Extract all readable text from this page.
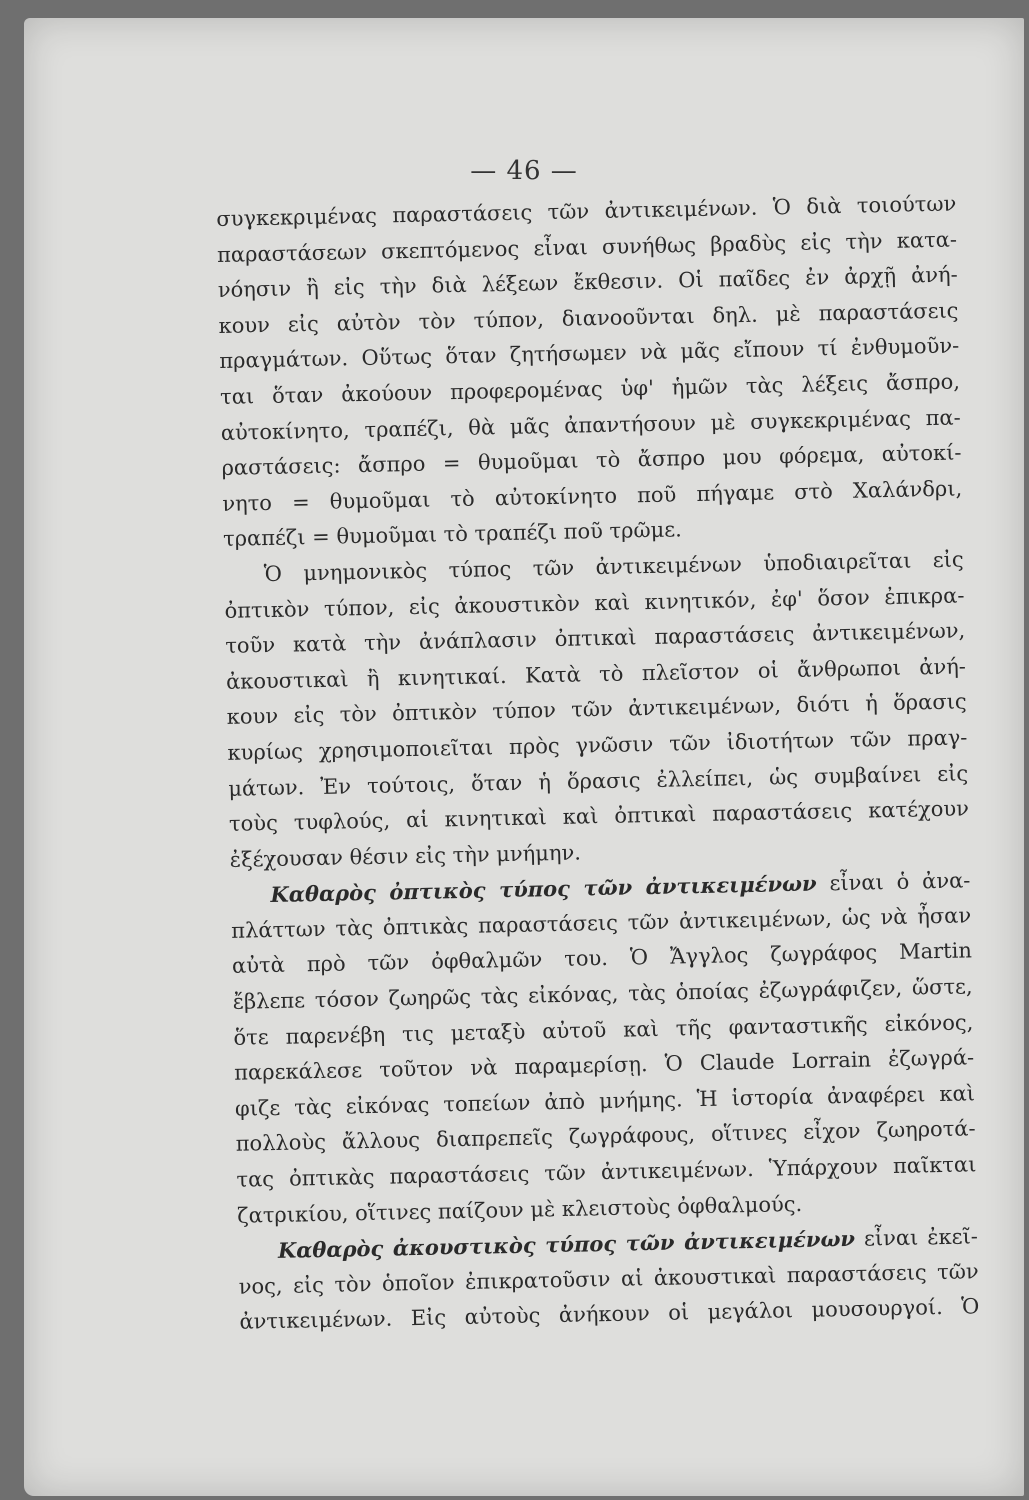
— 46 —
συγκεκριμένας παραστάσεις τῶν ἀντικειμένων. Ὁ διὰ τοιούτων
παραστάσεων σκεπτόμενος εἶναι συνήθως βραδὺς εἰς τὴν κατα-
νόησιν ἢ εἰς τὴν διὰ λέξεων ἔκθεσιν. Οἱ παῖδες ἐν ἀρχῇ ἀνή-
κουν εἰς αὐτὸν τὸν τύπον, διανοοῦνται δηλ. μὲ παραστάσεις
πραγμάτων. Οὕτως ὅταν ζητήσωμεν νὰ μᾶς εἴπουν τί ἐνθυμοῦν-
ται ὅταν ἀκούουν προφερομένας ὑφ' ἡμῶν τὰς λέξεις ἄσπρο,
αὐτοκίνητο, τραπέζι, θὰ μᾶς ἀπαντήσουν μὲ συγκεκριμένας πα-
ραστάσεις: ἄσπρο = θυμοῦμαι τὸ ἄσπρο μου φόρεμα, αὐτοκί-
νητο = θυμοῦμαι τὸ αὐτοκίνητο ποῦ πήγαμε στὸ Χαλάνδρι,
τραπέζι = θυμοῦμαι τὸ τραπέζι ποῦ τρῶμε.
Ὁ μνημονικὸς τύπος τῶν ἀντικειμένων ὑποδιαιρεῖται εἰς
ὀπτικὸν τύπον, εἰς ἀκουστικὸν καὶ κινητικόν, ἐφ' ὅσον ἐπικρα-
τοῦν κατὰ τὴν ἀνάπλασιν ὀπτικαὶ παραστάσεις ἀντικειμένων,
ἀκουστικαὶ ἢ κινητικαί. Κατὰ τὸ πλεῖστον οἱ ἄνθρωποι ἀνή-
κουν εἰς τὸν ὀπτικὸν τύπον τῶν ἀντικειμένων, διότι ἡ ὅρασις
κυρίως χρησιμοποιεῖται πρὸς γνῶσιν τῶν ἰδιοτήτων τῶν πραγ-
μάτων. Ἐν τούτοις, ὅταν ἡ ὅρασις ἐλλείπει, ὡς συμβαίνει εἰς
τοὺς τυφλούς, αἱ κινητικαὶ καὶ ὀπτικαὶ παραστάσεις κατέχουν
ἐξέχουσαν θέσιν εἰς τὴν μνήμην.
Καθαρὸς ὀπτικὸς τύπος τῶν ἀντικειμένων εἶναι ὁ ἀνα-
πλάττων τὰς ὀπτικὰς παραστάσεις τῶν ἀντικειμένων, ὡς νὰ ἦσαν
αὐτὰ πρὸ τῶν ὀφθαλμῶν του. Ὁ Ἄγγλος ζωγράφος Martin
ἔβλεπε τόσον ζωηρῶς τὰς εἰκόνας, τὰς ὁποίας ἐζωγράφιζεν, ὥστε,
ὅτε παρενέβη τις μεταξὺ αὐτοῦ καὶ τῆς φανταστικῆς εἰκόνος,
παρεκάλεσε τοῦτον νὰ παραμερίσῃ. Ὁ Claude Lorrain ἐζωγρά-
φιζε τὰς εἰκόνας τοπείων ἀπὸ μνήμης. Ἡ ἱστορία ἀναφέρει καὶ
πολλοὺς ἄλλους διαπρεπεῖς ζωγράφους, οἵτινες εἶχον ζωηροτά-
τας ὀπτικὰς παραστάσεις τῶν ἀντικειμένων. Ὑπάρχουν παῖκται
ζατρικίου, οἵτινες παίζουν μὲ κλειστοὺς ὀφθαλμούς.
Καθαρὸς ἀκουστικὸς τύπος τῶν ἀντικειμένων εἶναι ἐκεῖ-
νος, εἰς τὸν ὁποῖον ἐπικρατοῦσιν αἱ ἀκουστικαὶ παραστάσεις τῶν
ἀντικειμένων. Εἰς αὐτοὺς ἀνήκουν οἱ μεγάλοι μουσουργοί. Ὁ
